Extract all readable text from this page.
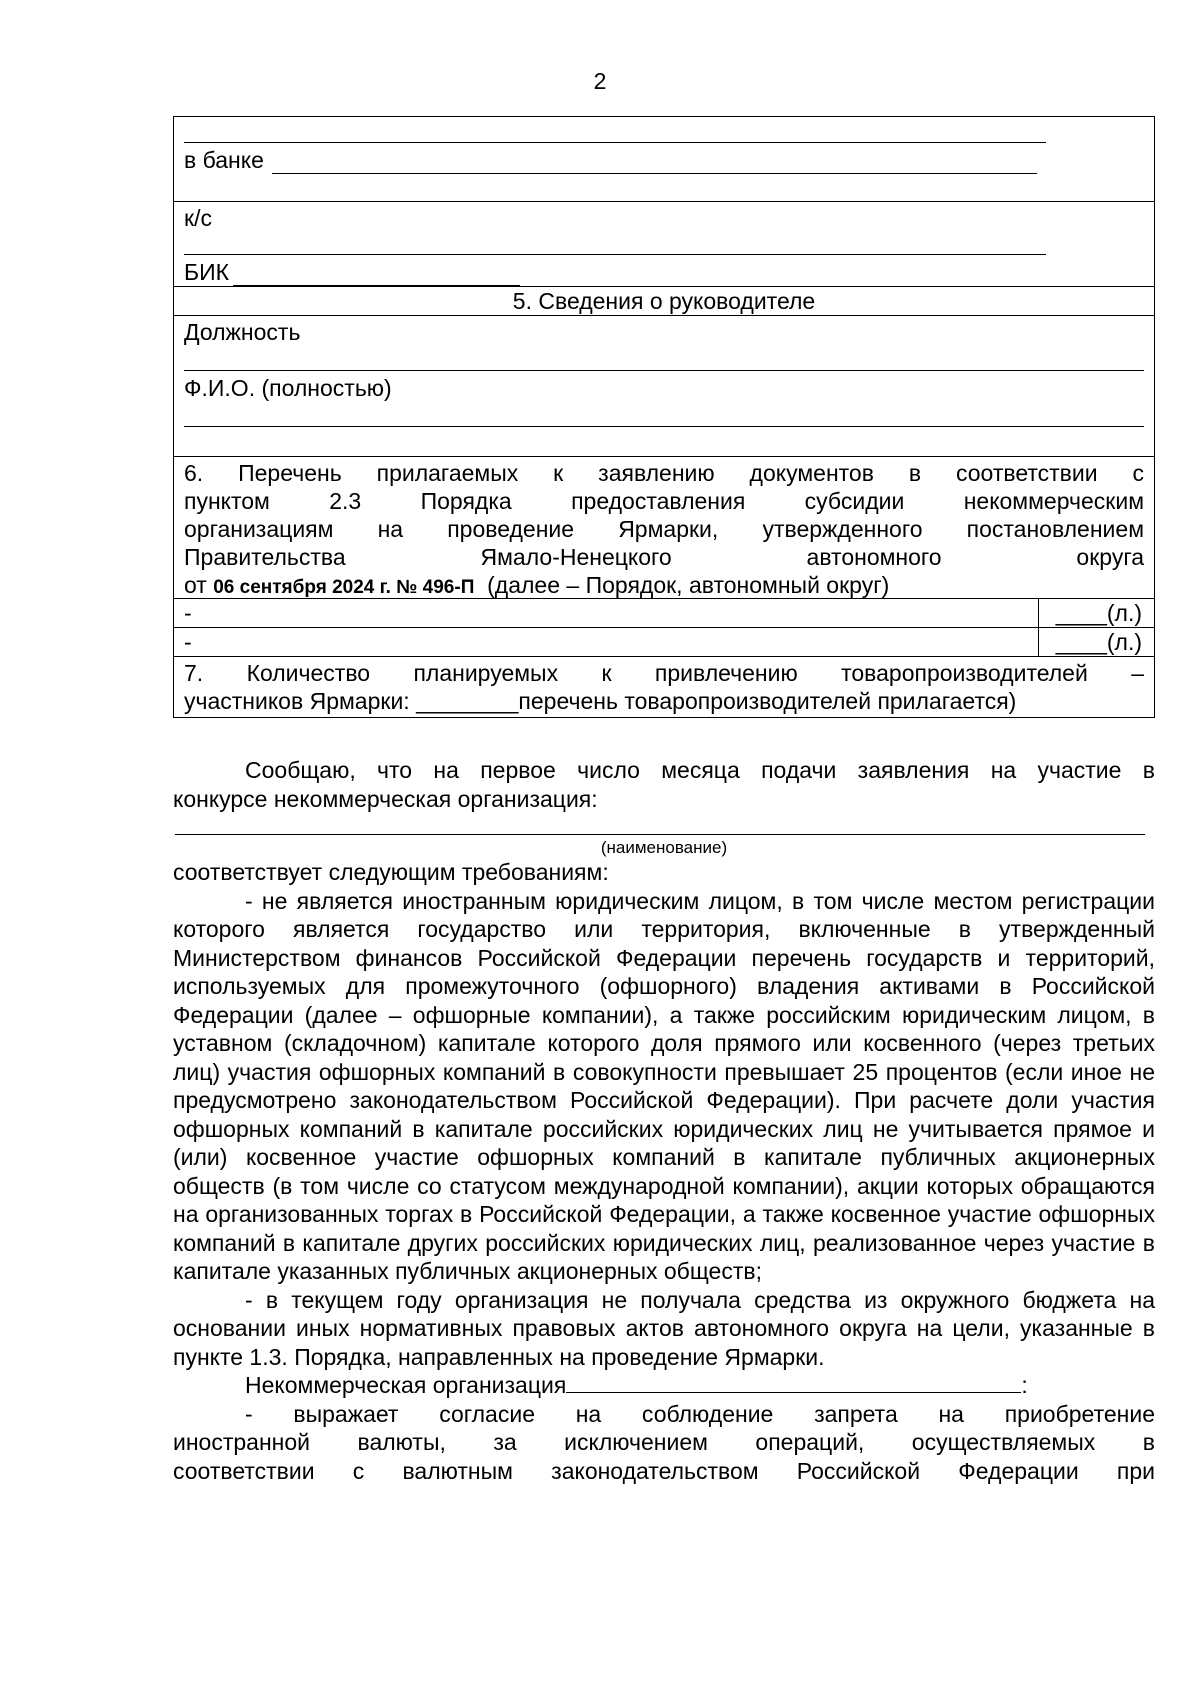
2
в банке
к/с
БИК
5. Сведения о руководителе
Должность
Ф.И.О. (полностью)
6. Перечень прилагаемых к заявлению документов в соответствии с
пунктом 2.3 Порядка предоставления субсидии некоммерческим
организациям на проведение Ярмарки, утвержденного постановлением
Правительства Ямало-Ненецкого автономного округа
от 06 сентября 2024 г. № 496-П (далее – Порядок, автономный округ)
-	____(л.)
-	____(л.)
7. Количество планируемых к привлечению товаропроизводителей –
участников Ярмарки: ________перечень товаропроизводителей прилагается)
Сообщаю, что на первое число месяца подачи заявления на участие в
конкурсе некоммерческая организация:
(наименование)
соответствует следующим требованиям:
- не является иностранным юридическим лицом, в том числе местом регистрации которого является государство или территория, включенные в утвержденный Министерством финансов Российской Федерации перечень государств и территорий, используемых для промежуточного (офшорного) владения активами в Российской Федерации (далее – офшорные компании), а также российским юридическим лицом, в уставном (складочном) капитале которого доля прямого или косвенного (через третьих лиц) участия офшорных компаний в совокупности превышает 25 процентов (если иное не предусмотрено законодательством Российской Федерации). При расчете доли участия офшорных компаний в капитале российских юридических лиц не учитывается прямое и (или) косвенное участие офшорных компаний в капитале публичных акционерных обществ (в том числе со статусом международной компании), акции которых обращаются на организованных торгах в Российской Федерации, а также косвенное участие офшорных компаний в капитале других российских юридических лиц, реализованное через участие в капитале указанных публичных акционерных обществ;
- в текущем году организация не получала средства из окружного бюджета на основании иных нормативных правовых актов автономного округа на цели, указанные в пункте 1.3. Порядка, направленных на проведение Ярмарки.
Некоммерческая организация	:
- выражает согласие на соблюдение запрета на приобретение
иностранной валюты, за исключением операций, осуществляемых в
соответствии с валютным законодательством Российской Федерации при
